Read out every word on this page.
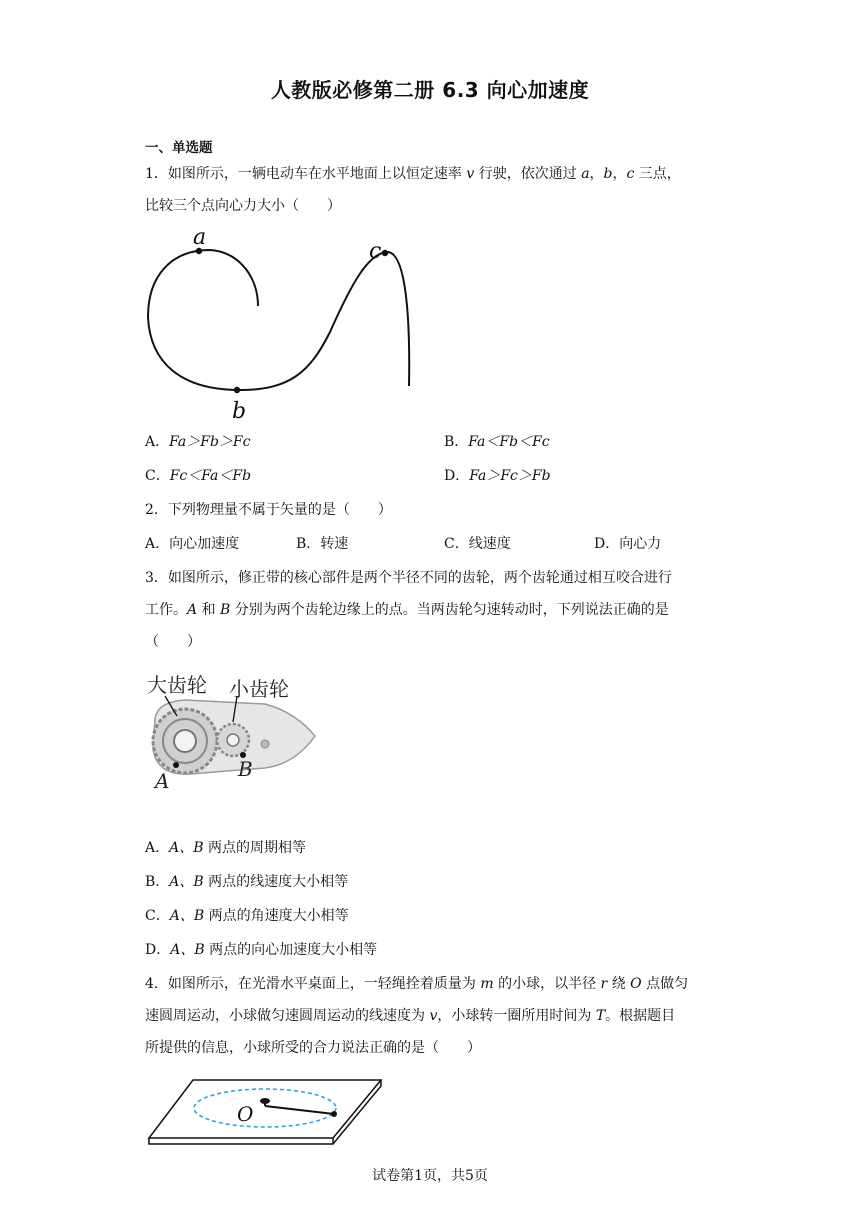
人教版必修第二册 6.3 向心加速度
一、单选题
1．如图所示，一辆电动车在水平地面上以恒定速率 v 行驶，依次通过 a，b，c 三点，
比较三个点向心力大小（　　）
a
b
c
A．Fa＞Fb＞Fc	B．Fa＜Fb＜Fc
C．Fc＜Fa＜Fb	D．Fa＞Fc＞Fb
2．下列物理量不属于矢量的是（　　）
A．向心加速度	B．转速	C．线速度	D．向心力
3．如图所示，修正带的核心部件是两个半径不同的齿轮，两个齿轮通过相互咬合进行
工作。A 和 B 分别为两个齿轮边缘上的点。当两齿轮匀速转动时，下列说法正确的是
（　　）
大齿轮 小齿轮
A	B
A．A、B 两点的周期相等
B．A、B 两点的线速度大小相等
C．A、B 两点的角速度大小相等
D．A、B 两点的向心加速度大小相等
4．如图所示，在光滑水平桌面上，一轻绳拴着质量为 m 的小球，以半径 r 绕 O 点做匀
速圆周运动，小球做匀速圆周运动的线速度为 v，小球转一圈所用时间为 T。根据题目
所提供的信息，小球所受的合力说法正确的是（　　）
O
试卷第1页，共5页
